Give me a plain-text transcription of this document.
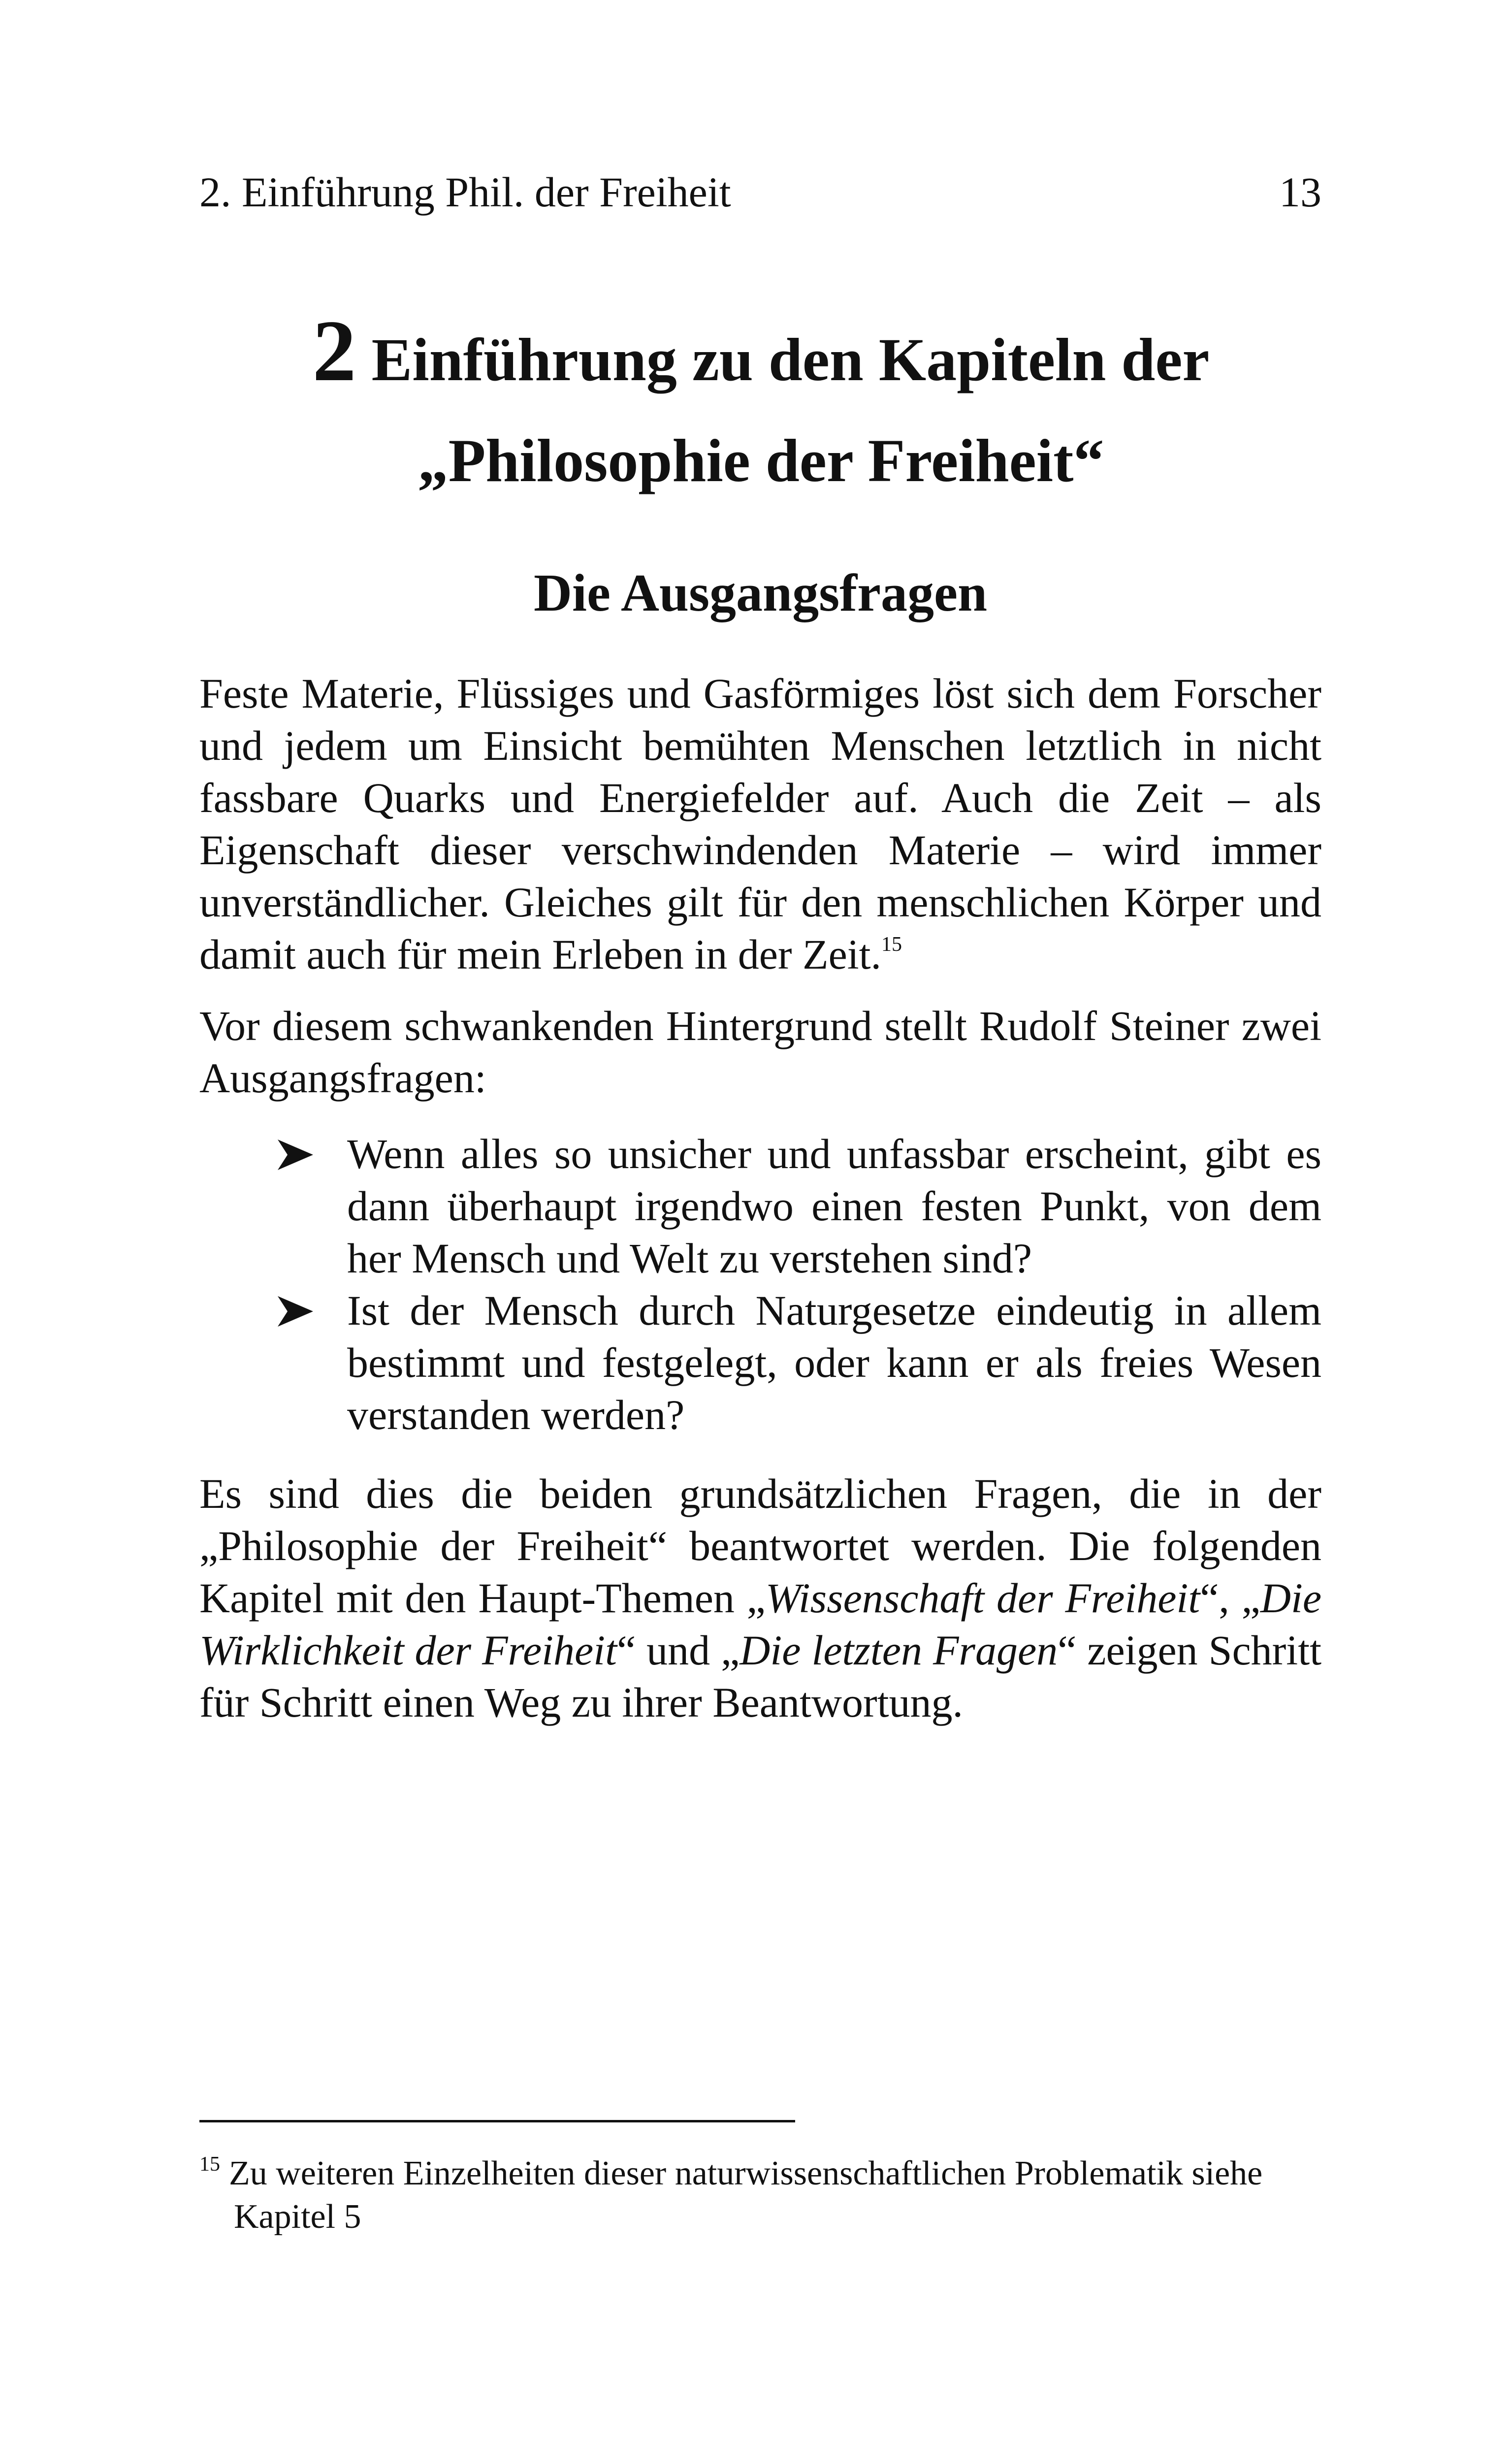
2. Einführung Phil. der Freiheit	13
2 Einführung zu den Kapiteln der
„Philosophie der Freiheit“
Die Ausgangsfragen
Feste Materie, Flüssiges und Gasförmiges löst sich dem Forscher und jedem um Einsicht bemühten Menschen letztlich in nicht fassbare Quarks und Energiefelder auf. Auch die Zeit – als Eigenschaft dieser verschwindenden Materie – wird immer unverständlicher. Gleiches gilt für den menschlichen Körper und damit auch für mein Erleben in der Zeit.$^{15}$
Vor diesem schwankenden Hintergrund stellt Rudolf Steiner zwei Ausgangsfragen:
Wenn alles so unsicher und unfassbar erscheint, gibt es dann überhaupt irgendwo einen festen Punkt, von dem her Mensch und Welt zu verstehen sind?
Ist der Mensch durch Naturgesetze eindeutig in allem bestimmt und festgelegt, oder kann er als freies Wesen verstanden werden?
Es sind dies die beiden grundsätzlichen Fragen, die in der „Philosophie der Freiheit“ beantwortet werden. Die folgenden Kapitel mit den Haupt-Themen „Wissenschaft der Freiheit“, „Die Wirklichkeit der Freiheit“ und „Die letzten Fragen“ zeigen Schritt für Schritt einen Weg zu ihrer Beantwortung.
$^{15}$ Zu weiteren Einzelheiten dieser naturwissenschaftlichen Problematik siehe
Kapitel 5
